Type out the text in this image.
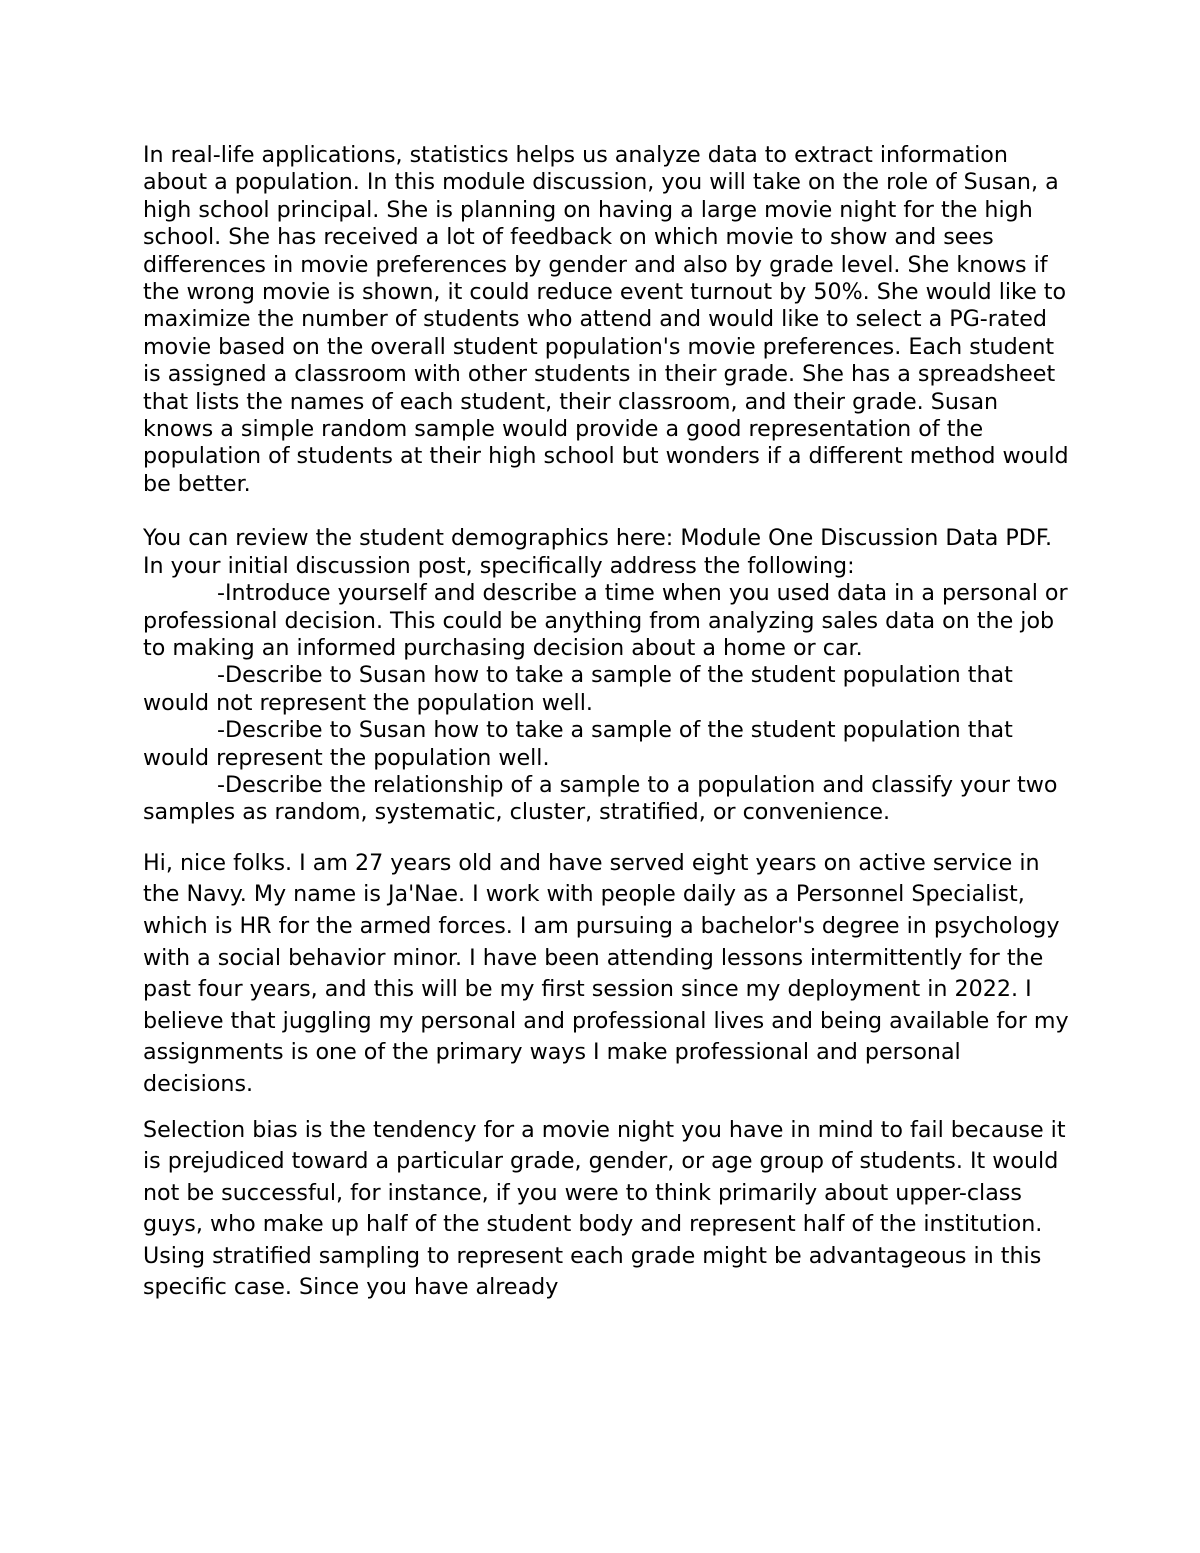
In real-life applications, statistics helps us analyze data to extract information about a population. In this module discussion, you will take on the role of Susan, a high school principal. She is planning on having a large movie night for the high school. She has received a lot of feedback on which movie to show and sees differences in movie preferences by gender and also by grade level. She knows if the wrong movie is shown, it could reduce event turnout by 50%. She would like to maximize the number of students who attend and would like to select a PG-rated movie based on the overall student population's movie preferences. Each student is assigned a classroom with other students in their grade. She has a spreadsheet that lists the names of each student, their classroom, and their grade. Susan knows a simple random sample would provide a good representation of the population of students at their high school but wonders if a different method would be better.

You can review the student demographics here: Module One Discussion Data PDF.

In your initial discussion post, specifically address the following:

-Introduce yourself and describe a time when you used data in a personal or professional decision. This could be anything from analyzing sales data on the job to making an informed purchasing decision about a home or car.

-Describe to Susan how to take a sample of the student population that would not represent the population well.

-Describe to Susan how to take a sample of the student population that would represent the population well.

-Describe the relationship of a sample to a population and classify your two samples as random, systematic, cluster, stratified, or convenience.

Hi, nice folks. I am 27 years old and have served eight years on active service in the Navy. My name is Ja'Nae. I work with people daily as a Personnel Specialist, which is HR for the armed forces. I am pursuing a bachelor's degree in psychology with a social behavior minor. I have been attending lessons intermittently for the past four years, and this will be my first session since my deployment in 2022. I believe that juggling my personal and professional lives and being available for my assignments is one of the primary ways I make professional and personal decisions.

Selection bias is the tendency for a movie night you have in mind to fail because it is prejudiced toward a particular grade, gender, or age group of students. It would not be successful, for instance, if you were to think primarily about upper-class guys, who make up half of the student body and represent half of the institution. Using stratified sampling to represent each grade might be advantageous in this specific case. Since you have already
